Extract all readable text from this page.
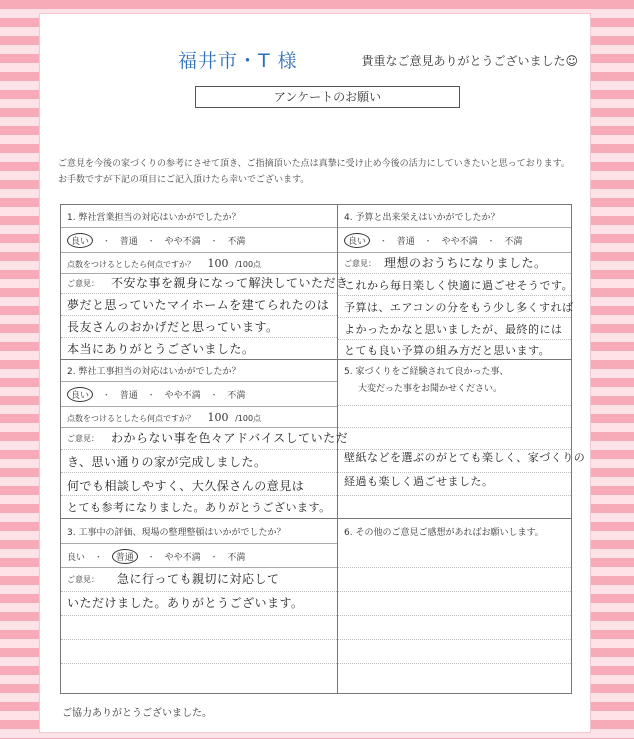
福井市・T 様	貴重なご意見ありがとうございました☺
アンケートのお願い
ご意見を今後の家づくりの参考にさせて頂き、ご指摘頂いた点は真摯に受け止め今後の活力にしていきたいと思っております。
お手数ですが下記の項目にご記入頂けたら幸いでございます。
1. 弊社営業担当の対応はいかがでしたか？
良い ・ 普通 ・ やや不満 ・ 不満
点数をつけるとしたら何点ですか？ 100 /100点
ご意見： 不安な事を親身になって解決していただき
夢だと思っていたマイホームを建てられたのは
長友さんのおかげだと思っています。
本当にありがとうございました。
2. 弊社工事担当の対応はいかがでしたか？
良い ・ 普通 ・ やや不満 ・ 不満
点数をつけるとしたら何点ですか？ 100 /100点
ご意見： わからない事を色々アドバイスしていただ
き、思い通りの家が完成しました。
何でも相談しやすく、大久保さんの意見は
とても参考になりました。ありがとうございます。
3. 工事中の評価、現場の整理整頓はいかがでしたか？
良い ・ 普通 ・ やや不満 ・ 不満
ご意見： 急に行っても親切に対応して
いただけました。ありがとうございます。
4. 予算と出来栄えはいかがでしたか？
良い ・ 普通 ・ やや不満 ・ 不満
ご意見： 理想のおうちになりました。
これから毎日楽しく快適に過ごせそうです。
予算は、エアコンの分をもう少し多くすれば
よかったかなと思いましたが、最終的には
とても良い予算の組み方だと思います。
5. 家づくりをご経験されて良かった事、
大変だった事をお聞かせください。
壁紙などを選ぶのがとても楽しく、家づくりの
経過も楽しく過ごせました。
6. その他のご意見ご感想があればお願いします。
ご協力ありがとうございました。
